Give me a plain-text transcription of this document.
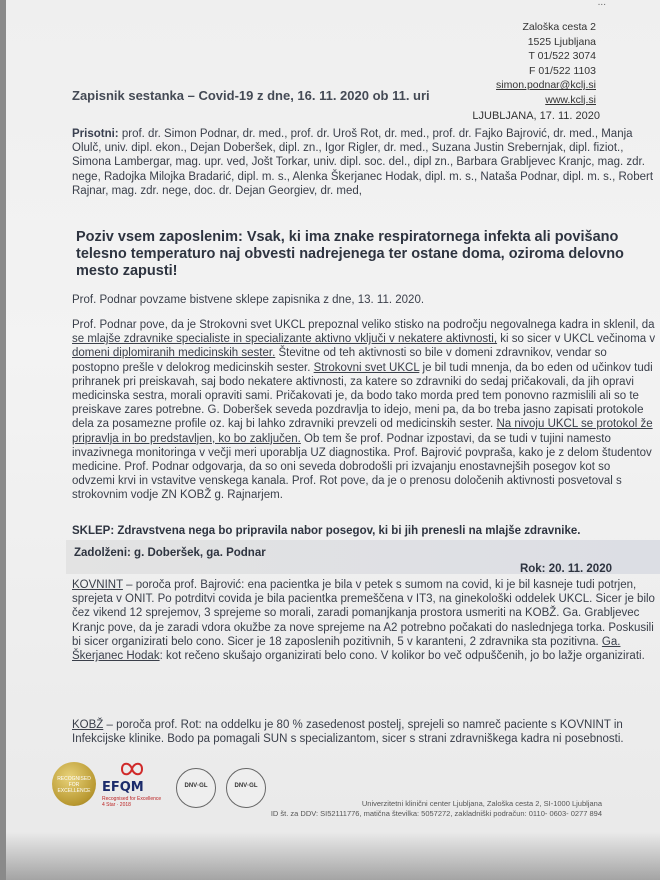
...
Zaloška cesta 2
1525 Ljubljana
T 01/522 3074
F 01/522 1103
simon.podnar@kclj.si
www.kclj.si
Zapisnik sestanka – Covid-19 z dne, 16. 11. 2020 ob 11. uri
LJUBLJANA, 17. 11. 2020
Prisotni: prof. dr. Simon Podnar, dr. med., prof. dr. Uroš Rot, dr. med., prof. dr. Fajko Bajrović, dr. med., Manja Olulč, univ. dipl. ekon., Dejan Doberšek, dipl. zn., Igor Rigler, dr. med., Suzana Justin Srebernjak, dipl. fiziot., Simona Lambergar, mag. upr. ved, Jošt Torkar, univ. dipl. soc. del., dipl zn., Barbara Grabljevec Kranjc, mag. zdr. nege, Radojka Milojka Bradarić, dipl. m. s., Alenka Škerjanec Hodak, dipl. m. s., Nataša Podnar, dipl. m. s., Robert Rajnar, mag. zdr. nege, doc. dr. Dejan Georgiev, dr. med,
Poziv vsem zaposlenim: Vsak, ki ima znake respiratornega infekta ali povišano telesno temperaturo naj obvesti nadrejenega ter ostane doma, oziroma delovno mesto zapusti!
Prof. Podnar povzame bistvene sklepe zapisnika z dne, 13. 11. 2020.
Prof. Podnar pove, da je Strokovni svet UKCL prepoznal veliko stisko na področju negovalnega kadra in sklenil, da se mlajše zdravnike specialiste in specializante aktivno vključi v nekatere aktivnosti, ki so sicer v UKCL večinoma v domeni diplomiranih medicinskih sester. Števitne od teh aktivnosti so bile v domeni zdravnikov, vendar so postopno prešle v delokrog medicinskih sester. Strokovni svet UKCL je bil tudi mnenja, da bo eden od učinkov tudi prihranek pri preiskavah, saj bodo nekatere aktivnosti, za katere so zdravniki do sedaj pričakovali, da jih opravi medicinska sestra, morali opraviti sami. Pričakovati je, da bodo tako morda pred tem ponovno razmislili ali so te preiskave zares potrebne. G. Doberšek seveda pozdravlja to idejo, meni pa, da bo treba jasno zapisati protokole dela za posamezne profile oz. kaj bi lahko zdravniki prevzeli od medicinskih sester. Na nivoju UKCL se protokol že pripravlja in bo predstavljen, ko bo zaključen. Ob tem še prof. Podnar izpostavi, da se tudi v tujini namesto invazivnega monitoringa v večji meri uporablja UZ diagnostika. Prof. Bajrović povpraša, kako je z delom študentov medicine. Prof. Podnar odgovarja, da so oni seveda dobrodošli pri izvajanju enostavnejših posegov kot so odvzemi krvi in vstavitve venskega kanala. Prof. Rot pove, da je o prenosu določenih aktivnosti posvetoval s strokovnim vodje ZN KOBŽ g. Rajnarjem.
SKLEP: Zdravstvena nega bo pripravila nabor posegov, ki bi jih prenesli na mlajše zdravnike.
Zadolženi: g. Doberšek, ga. Podnar
Rok: 20. 11. 2020
KOVNINT – poroča prof. Bajrović: ena pacientka je bila v petek s sumom na covid, ki je bil kasneje tudi potrjen, sprejeta v ONIT. Po potrditvi covida je bila pacientka premeščena v IT3, na ginekološki oddelek UKCL. Sicer je bilo čez vikend 12 sprejemov, 3 sprejeme so morali, zaradi pomanjkanja prostora usmeriti na KOBŽ. Ga. Grabljevec Kranjc pove, da je zaradi vdora okužbe za nove sprejeme na A2 potrebno počakati do naslednjega torka. Poskusili bi sicer organizirati belo cono. Sicer je 18 zaposlenih pozitivnih, 5 v karanteni, 2 zdravnika sta pozitivna. Ga. Škerjanec Hodak: kot rečeno skušajo organizirati belo cono. V kolikor bo več odpuščenih, jo bo lažje organizirati.
KOBŽ – poroča prof. Rot: na oddelku je 80 % zasedenost postelj, sprejeli so namreč paciente s KOVNINT in Infekcijske klinike. Bodo pa pomagali SUN s specializantom, sicer s strani zdravniškega kadra ni posebnosti.
RECOGNISED FOR EXCELLENCE EFQM
Recognised for Excellence 4 Star · 2018
DNV·GL	DNV·GL
Univerzitetni klinični center Ljubljana, Zaloška cesta 2, SI-1000 Ljubljana
ID št. za DDV: SI52111776, matična številka: 5057272, zakladniški podračun: 0110- 0603- 0277 894
